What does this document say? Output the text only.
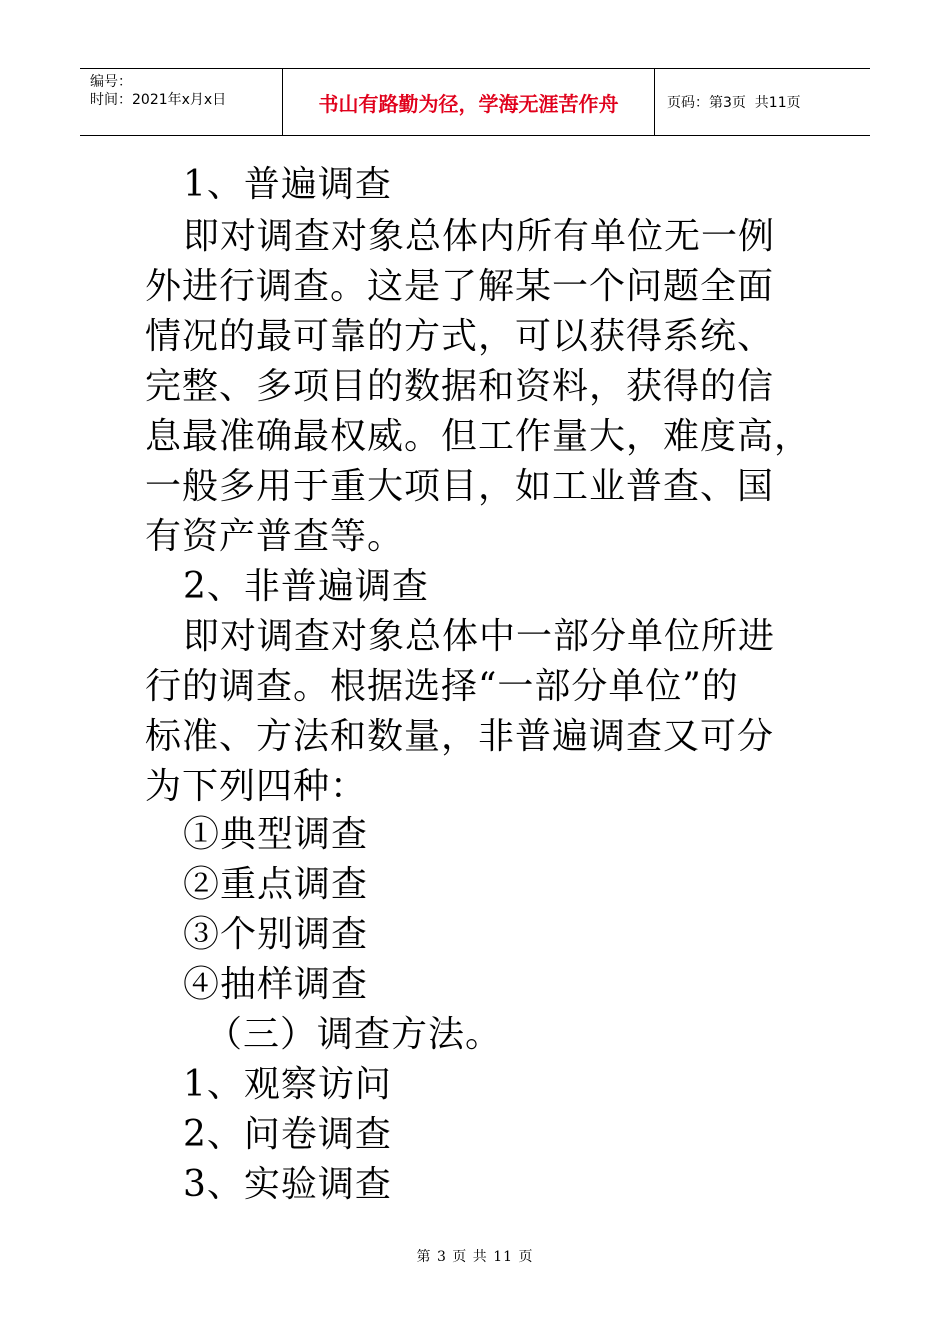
编号：
时间：2021年x月x日	书山有路勤为径，学海无涯苦作舟	页码：第3页  共11页
1、普遍调查
即对调查对象总体内所有单位无一例
外进行调查。这是了解某一个问题全面
情况的最可靠的方式，可以获得系统、
完整、多项目的数据和资料，获得的信
息最准确最权威。但工作量大，难度高，
一般多用于重大项目，如工业普查、国
有资产普查等。
2、非普遍调查
即对调查对象总体中一部分单位所进
行的调查。根据选择“一部分单位”的
标准、方法和数量，非普遍调查又可分
为下列四种：
①典型调查
②重点调查
③个别调查
④抽样调查
（三）调查方法。
1、观察访问
2、问卷调查
3、实验调查
第 3 页 共 11 页
